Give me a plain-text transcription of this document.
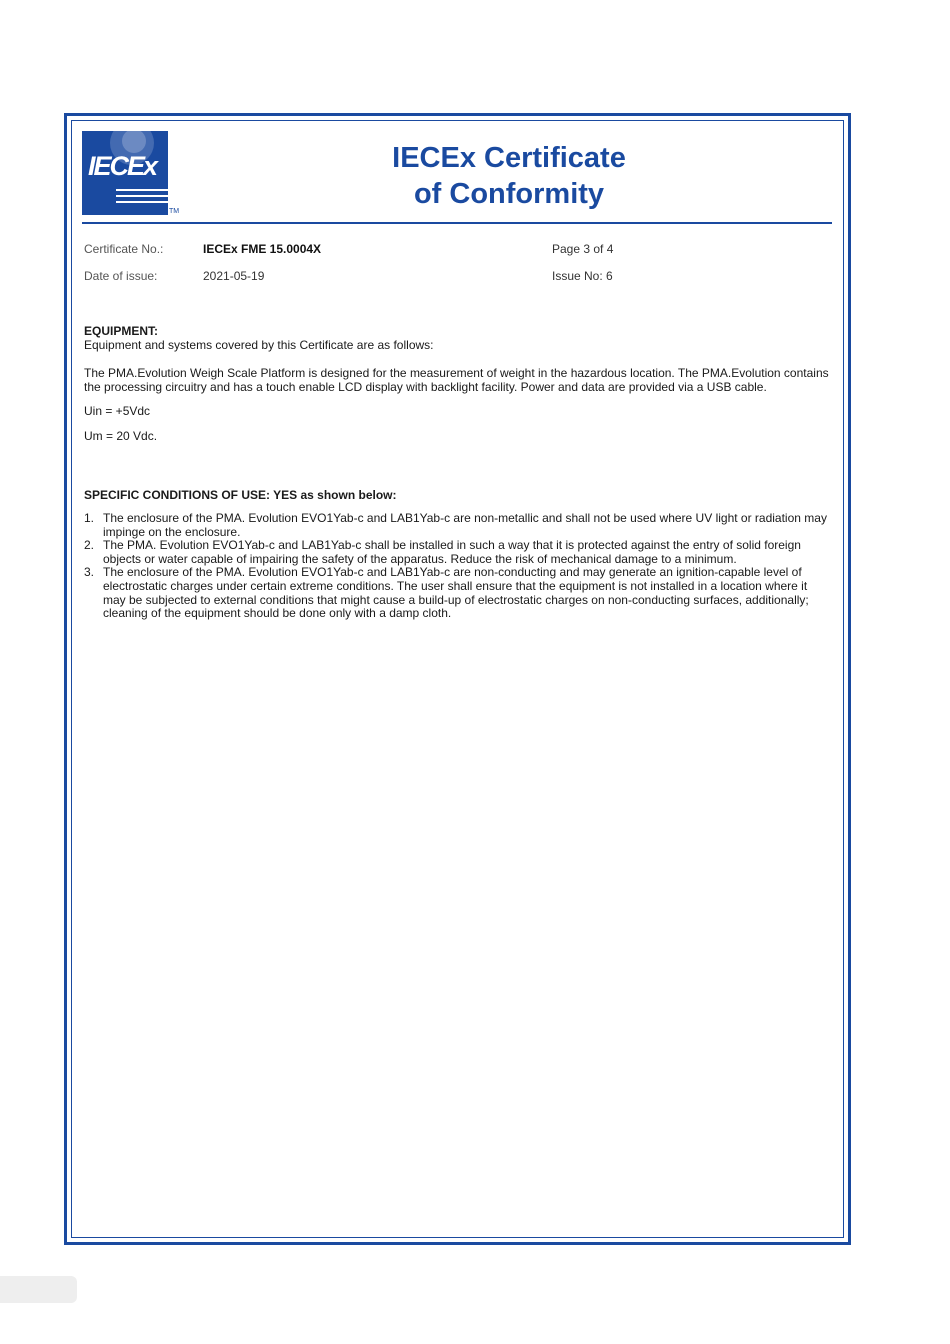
IECEx
TM
IECEx Certificate
of Conformity
Certificate No.:	IECEx FME 15.0004X	Page 3 of 4
Date of issue:	2021-05-19	Issue No: 6
EQUIPMENT:
Equipment and systems covered by this Certificate are as follows:
The PMA.Evolution Weigh Scale Platform is designed for the measurement of weight in the hazardous location. The PMA.Evolution contains the processing circuitry and has a touch enable LCD display with backlight facility. Power and data are provided via a USB cable.
Uin = +5Vdc
Um = 20 Vdc.
SPECIFIC CONDITIONS OF USE: YES as shown below:
1. The enclosure of the PMA. Evolution EVO1Yab-c and LAB1Yab-c are non-metallic and shall not be used where UV light or radiation may impinge on the enclosure.
2. The PMA. Evolution EVO1Yab-c and LAB1Yab-c shall be installed in such a way that it is protected against the entry of solid foreign objects or water capable of impairing the safety of the apparatus. Reduce the risk of mechanical damage to a minimum.
3. The enclosure of the PMA. Evolution EVO1Yab-c and LAB1Yab-c are non-conducting and may generate an ignition-capable level of electrostatic charges under certain extreme conditions. The user shall ensure that the equipment is not installed in a location where it may be subjected to external conditions that might cause a build-up of electrostatic charges on non-conducting surfaces, additionally; cleaning of the equipment should be done only with a damp cloth.
